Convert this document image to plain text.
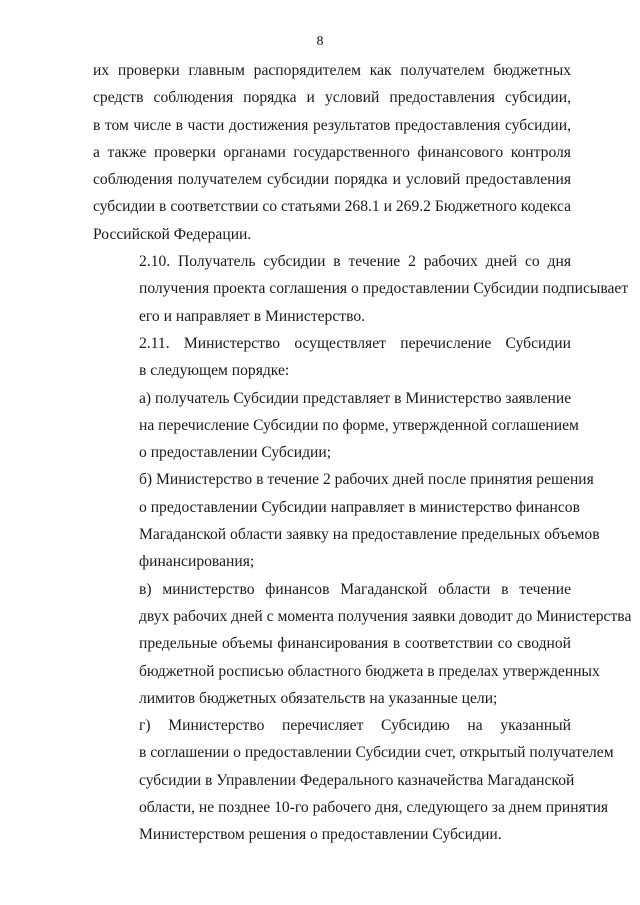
8
их проверки главным распорядителем как получателем бюджетных
средств соблюдения порядка и условий предоставления субсидии,
в том числе в части достижения результатов предоставления субсидии,
а также проверки органами государственного финансового контроля
соблюдения получателем субсидии порядка и условий предоставления
субсидии в соответствии со статьями 268.1 и 269.2 Бюджетного кодекса
Российской Федерации.
2.10. Получатель субсидии в течение 2 рабочих дней со дня
получения проекта соглашения о предоставлении Субсидии подписывает
его и направляет в Министерство.
2.11. Министерство осуществляет перечисление Субсидии
в следующем порядке:
а) получатель Субсидии представляет в Министерство заявление
на перечисление Субсидии по форме, утвержденной соглашением
о предоставлении Субсидии;
б) Министерство в течение 2 рабочих дней после принятия решения
о предоставлении Субсидии направляет в министерство финансов
Магаданской области заявку на предоставление предельных объемов
финансирования;
в) министерство финансов Магаданской области в течение
двух рабочих дней с момента получения заявки доводит до Министерства
предельные объемы финансирования в соответствии со сводной
бюджетной росписью областного бюджета в пределах утвержденных
лимитов бюджетных обязательств на указанные цели;
г) Министерство перечисляет Субсидию на указанный
в соглашении о предоставлении Субсидии счет, открытый получателем
субсидии в Управлении Федерального казначейства Магаданской
области, не позднее 10-го рабочего дня, следующего за днем принятия
Министерством решения о предоставлении Субсидии.
